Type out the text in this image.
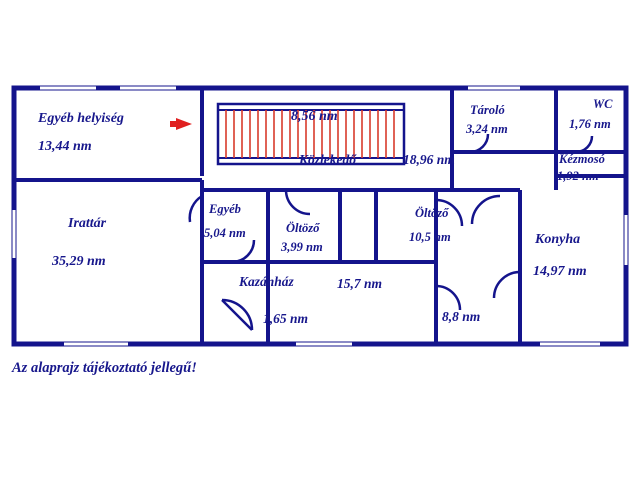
Egyéb helyiség
13,44 nm
Irattár
35,29 nm
Egyéb
5,04 nm	Öltöző
3,99 nm
Öltöző
10,5 nm
Kazánház
1,65 nm
Közlekedő	18,96 nm
Tároló
3,24 nm
WC
1,76 nm
Kézmosó
1,92 nm
Konyha
14,97 nm
8,56 nm
15,7 nm
8,8 nm
Az alaprajz tájékoztató jellegű!
